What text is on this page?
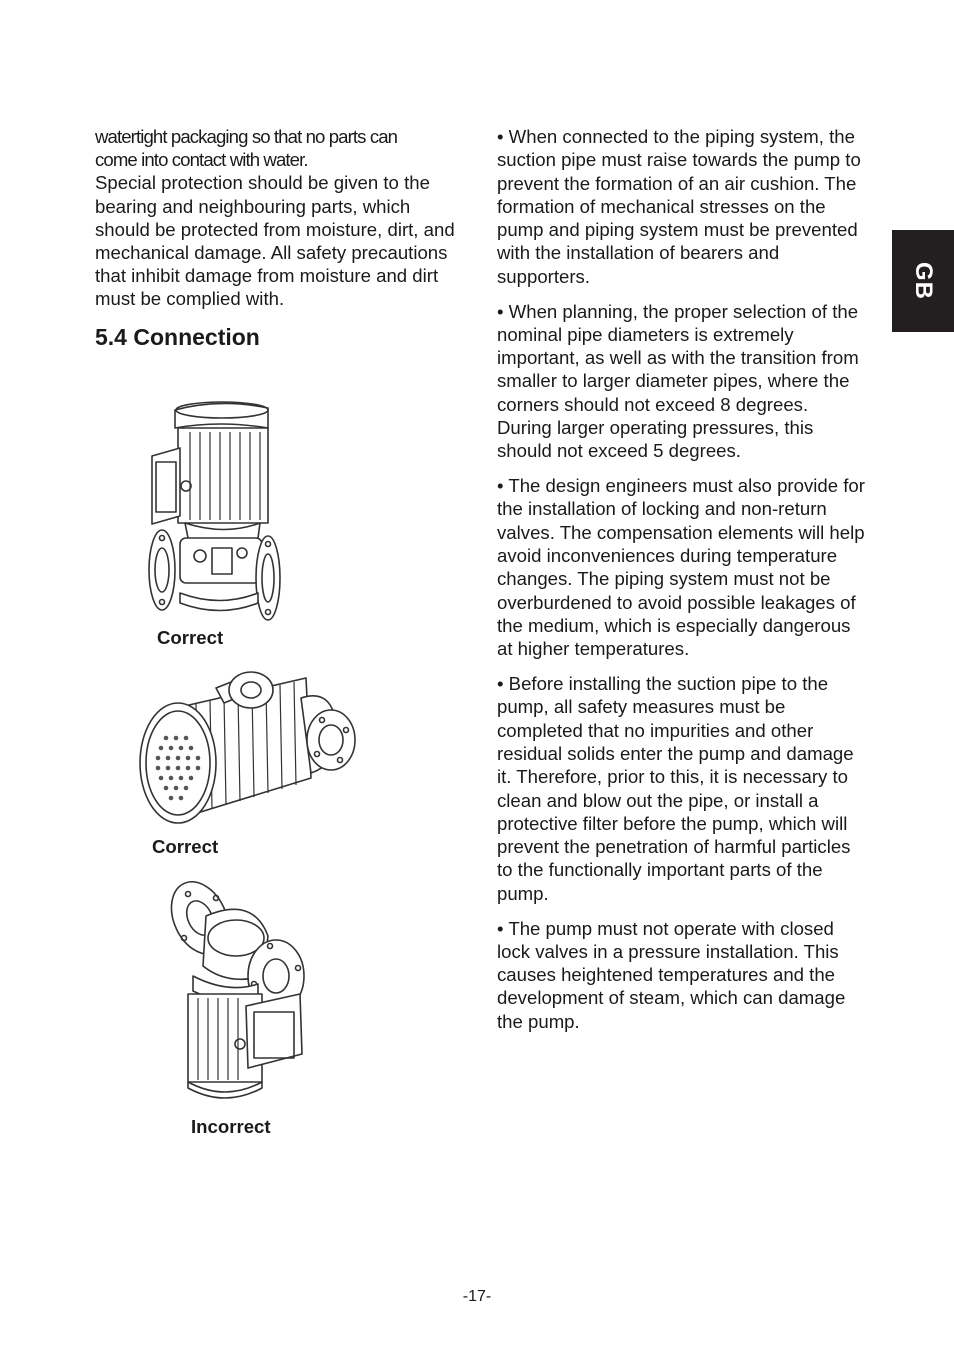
watertight packaging so that no parts can

come into contact with water.

Special protection should be given to the bearing and neighbouring parts, which should be protected from moisture, dirt, and mechanical damage. All safety precautions that inhibit damage from moisture and dirt must be complied with.

5.4 Connection
Correct
Correct
Incorrect

• When connected to the piping system, the suction pipe must raise towards the pump to prevent the formation of an air cushion. The formation of mechanical stresses on the pump and piping system must be prevented with the installation of bearers and supporters.

• When planning, the proper selection of the nominal pipe diameters is extremely important, as well as with the transition from smaller to larger diameter pipes, where the corners should not exceed 8 degrees. During larger operating pressures, this should not exceed 5 degrees.

• The design engineers must also provide for the installation of locking and non-return valves. The compensation elements will help avoid inconveniences during temperature changes. The piping system must not be overburdened to avoid possible leakages of the medium, which is especially dangerous at higher temperatures.

• Before installing the suction pipe to the pump, all safety measures must be completed that no impurities and other residual solids enter the pump and damage it. Therefore, prior to this, it is necessary to clean and blow out the pipe, or install a protective filter before the pump, which will prevent the penetration of harmful particles to the functionally important parts of the pump.

• The pump must not operate with closed lock valves in a pressure installation. This causes heightened temperatures and the development of steam, which can damage the pump.

GB
-17-
